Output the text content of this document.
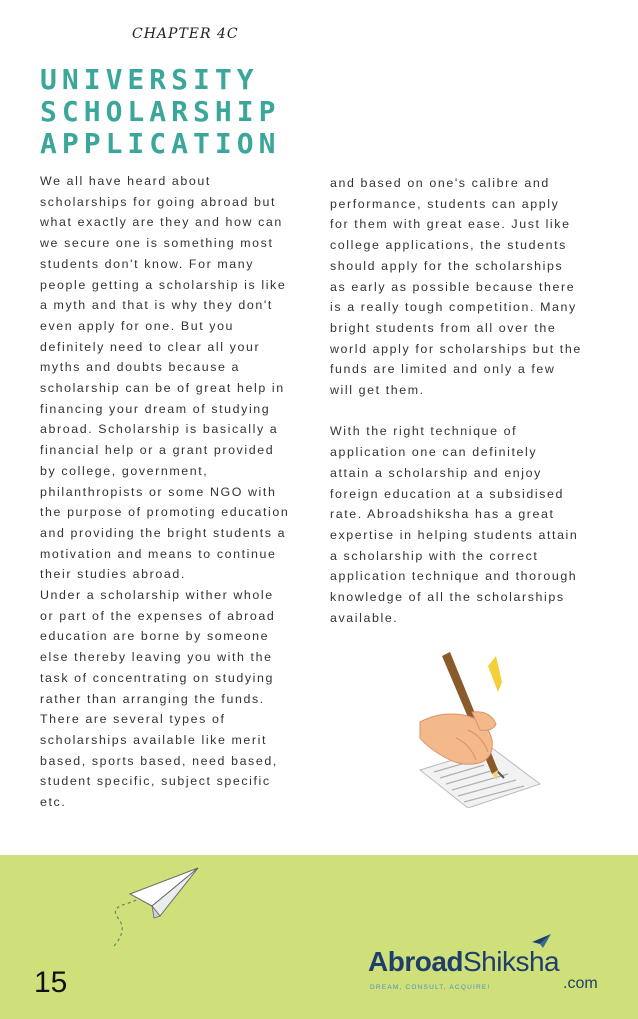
CHAPTER 4C
UNIVERSITY
SCHOLARSHIP
APPLICATION

We all have heard about scholarships for going abroad but what exactly are they and how can we secure one is something most students don't know. For many people getting a scholarship is like a myth and that is why they don't even apply for one. But you definitely need to clear all your myths and doubts because a scholarship can be of great help in financing your dream of studying abroad. Scholarship is basically a financial help or a grant provided by college, government, philanthropists or some NGO with the purpose of promoting education and providing the bright students a motivation and means to continue their studies abroad.

Under a scholarship wither whole or part of the expenses of abroad education are borne by someone else thereby leaving you with the task of concentrating on studying rather than arranging the funds. There are several types of scholarships available like merit based, sports based, need based, student specific, subject specific etc.

and based on one's calibre and performance, students can apply for them with great ease. Just like college applications, the students should apply for the scholarships as early as possible because there is a really tough competition. Many bright students from all over the world apply for scholarships but the funds are limited and only a few will get them.

With the right technique of application one can definitely attain a scholarship and enjoy foreign education at a subsidised rate. Abroadshiksha has a great expertise in helping students attain a scholarship with the correct application technique and thorough knowledge of all the scholarships available.

15
AbroadShiksha
DREAM, CONSULT, ACQUIRE!	.com
